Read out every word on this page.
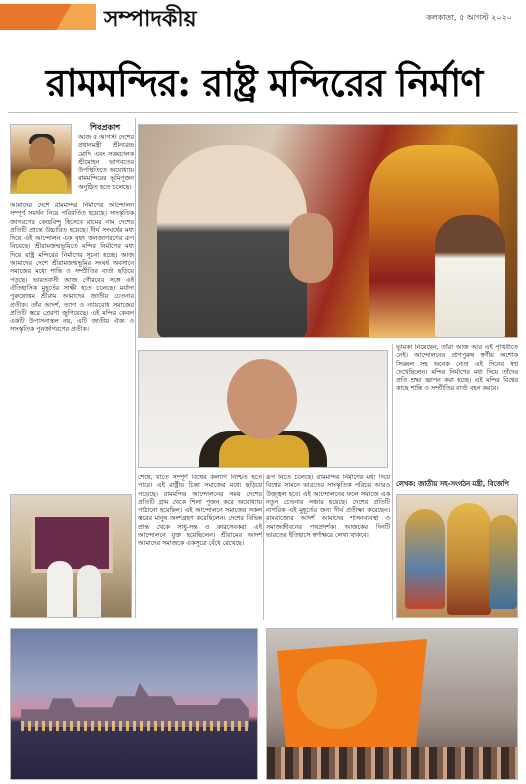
সম্পাদকীয়	কলকাতা, ৫ আগস্ট ২০২০
রামমন্দির: রাষ্ট্র মন্দিরের নির্মাণ
শিবপ্রকাশ

আজ ৫ আগস্ট দেশের প্রধানমন্ত্রী শ্রীনরেন্দ্র মোদি এবং সঙ্ঘচালক শ্রীমোহন ভাগবতের উপস্থিতিতে অযোধ্যায় রামমন্দিরের ভূমিপূজন অনুষ্ঠিত হতে চলেছে।

আমাদের দেশে রামমন্দির নির্মাণের আন্দোলন সম্পূর্ণ সমর্থন নিয়ে পরিবর্তিত হয়েছে। সাংস্কৃতিক জাগরণের কেন্দ্রবিন্দু হিসেবে রামের নাম দেশের প্রতিটি প্রান্তে উচ্চারিত হয়েছে। দীর্ঘ সংঘর্ষের মধ্য দিয়ে এই আন্দোলন এক বৃহৎ জনজাগরণের রূপ নিয়েছে। শ্রীরামজন্মভূমিতে মন্দির নির্মাণের মধ্য দিয়ে রাষ্ট্র মন্দিরের নির্মাণের সূচনা হচ্ছে। আজ আমাদের দেশে শ্রীরামজন্মভূমির সংঘর্ষ অবসানে সমাজের মধ্যে শান্তি ও সম্প্রীতির বার্তা ছড়িয়ে পড়ছে। ভারতবাসী আজ গৌরবের সঙ্গে এই ঐতিহাসিক মুহূর্তের সাক্ষী হতে চলেছে। মর্যাদা পুরুষোত্তম শ্রীরাম আমাদের জাতীয় চেতনার প্রতীক। তাঁর আদর্শ, ত্যাগ ও ন্যায়বোধ সমাজের প্রতিটি স্তরে প্রেরণা জুগিয়েছে। এই মন্দির কেবল একটি উপাসনাস্থল নয়, এটি জাতীয় ঐক্য ও সাংস্কৃতিক পুনর্জাগরণের প্রতীক।

ভূমিকা নিয়েছেন, তাঁরা আজ আর এই পৃথিবীতে নেই। আন্দোলনের প্রাণপুরুষ স্বর্গীয় অশোক সিঙ্ঘল সহ অনেক নেতা এই দিনের স্বপ্ন দেখেছিলেন। মন্দির নির্মাণের মধ্য দিয়ে তাঁদের প্রতি শ্রদ্ধা জ্ঞাপন করা হচ্ছে। এই মন্দির বিশ্বের কাছে শান্তি ও সম্প্রীতির বার্তা বহন করবে।

শেষে, যাতে সম্পূর্ণ বিশ্বের কল্যাণ নিশ্চিত হতে পারে। এই রাষ্ট্রীয় চিন্তা সমাজের মধ্যে ছড়িয়ে পড়েছে। রামমন্দির আন্দোলনের সময় দেশের প্রতিটি গ্রাম থেকে শিলা পূজন করে অযোধ্যায় পাঠানো হয়েছিল। এই আন্দোলনে সমাজের সকল স্তরের মানুষ অংশগ্রহণ করেছিলেন। দেশের বিভিন্ন প্রান্ত থেকে সাধু-সন্ত ও কারসেবকরা এই আন্দোলনে যুক্ত হয়েছিলেন। শ্রীরামের আদর্শ আমাদের সমাজকে একসূত্রে বেঁধে রেখেছে।

রূপ নিতে চলেছে। রামমন্দির নির্মাণের মধ্য দিয়ে বিশ্বের সামনে ভারতের সাংস্কৃতিক পরিচয় আরও উজ্জ্বল হবে। এই আন্দোলনের ফলে সমাজে এক নতুন চেতনার সঞ্চার হয়েছে। দেশের প্রতিটি নাগরিক এই মুহূর্তের জন্য দীর্ঘ প্রতীক্ষা করেছেন। রামরাজ্যের আদর্শ আমাদের শাসনব্যবস্থা ও সমাজজীবনের পথপ্রদর্শক। আজকের দিনটি ভারতের ইতিহাসে স্বর্ণাক্ষরে লেখা থাকবে।

লেখক: জাতীয় সহ-সংগঠন মন্ত্রী, বিজেপি
